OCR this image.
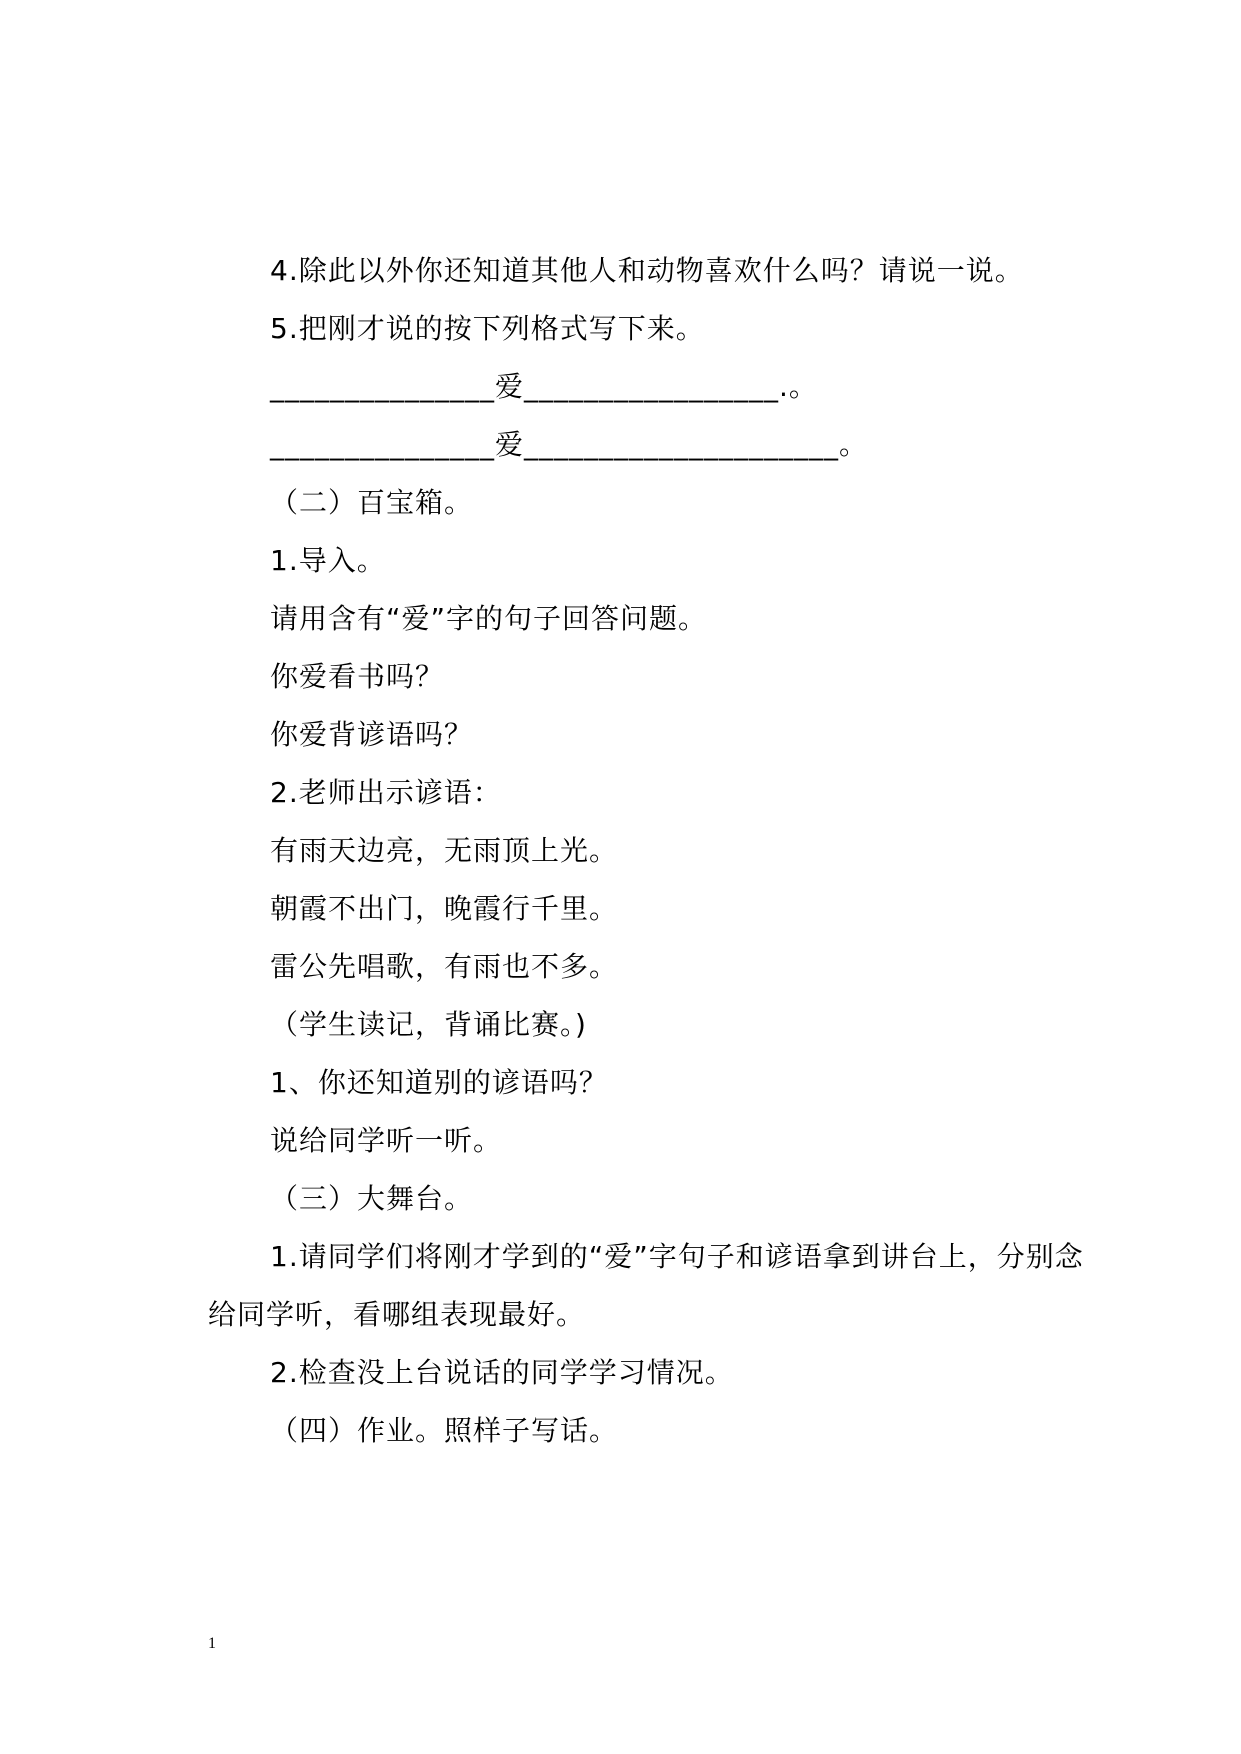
4.除此以外你还知道其他人和动物喜欢什么吗？请说一说。
5.把刚才说的按下列格式写下来。
_______________爱_________________.。
_______________爱_____________________。
（二）百宝箱。
1.导入。
请用含有“爱”字的句子回答问题。
你爱看书吗？
你爱背谚语吗？
2.老师出示谚语：
有雨天边亮，无雨顶上光。
朝霞不出门，晚霞行千里。
雷公先唱歌，有雨也不多。
（学生读记，背诵比赛。)
1、你还知道别的谚语吗？
说给同学听一听。
（三）大舞台。
1.请同学们将刚才学到的“爱”字句子和谚语拿到讲台上，分别念给同学听，看哪组表现最好。
2.检查没上台说话的同学学习情况。
（四）作业。照样子写话。
1
